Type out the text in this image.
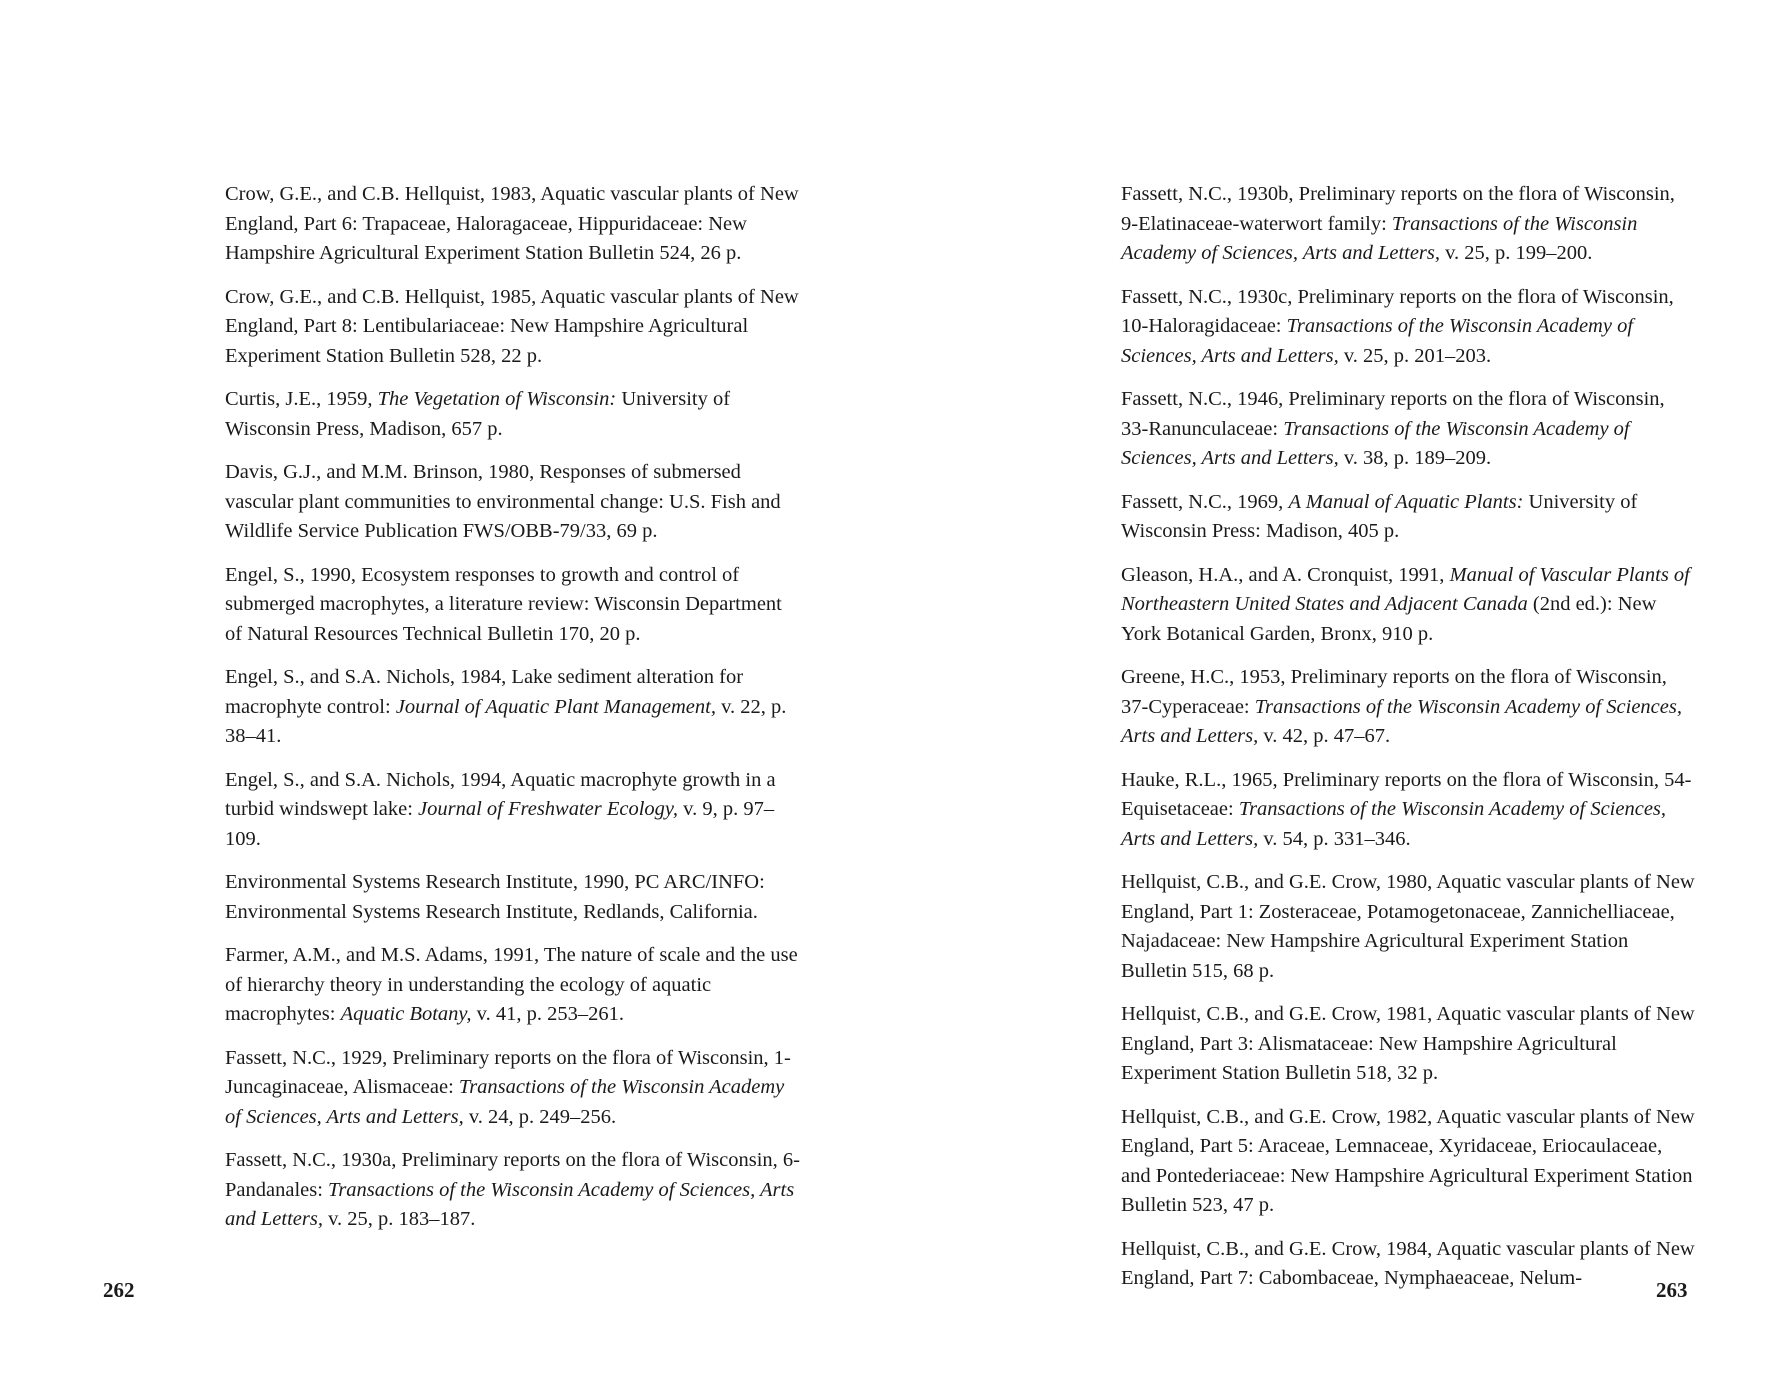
Crow, G.E., and C.B. Hellquist, 1983, Aquatic vascular plants of New England, Part 6: Trapaceae, Haloragaceae, Hippuridaceae: New Hampshire Agricultural Experiment Station Bulletin 524, 26 p.

Crow, G.E., and C.B. Hellquist, 1985, Aquatic vascular plants of New England, Part 8: Lentibulariaceae: New Hampshire Agricultural Experiment Station Bulletin 528, 22 p.

Curtis, J.E., 1959, The Vegetation of Wisconsin: University of Wisconsin Press, Madison, 657 p.

Davis, G.J., and M.M. Brinson, 1980, Responses of submersed vascular plant communities to environmental change: U.S. Fish and Wildlife Service Publication FWS/OBB-79/33, 69 p.

Engel, S., 1990, Ecosystem responses to growth and control of submerged macrophytes, a literature review: Wisconsin Department of Natural Resources Technical Bulletin 170, 20 p.

Engel, S., and S.A. Nichols, 1984, Lake sediment alteration for macrophyte control: Journal of Aquatic Plant Management, v. 22, p. 38–41.

Engel, S., and S.A. Nichols, 1994, Aquatic macrophyte growth in a turbid windswept lake: Journal of Freshwater Ecology, v. 9, p. 97–109.

Environmental Systems Research Institute, 1990, PC ARC/INFO: Environmental Systems Research Institute, Redlands, California.

Farmer, A.M., and M.S. Adams, 1991, The nature of scale and the use of hierarchy theory in understanding the ecology of aquatic macrophytes: Aquatic Botany, v. 41, p. 253–261.

Fassett, N.C., 1929, Preliminary reports on the flora of Wisconsin, 1-Juncaginaceae, Alismaceae: Transactions of the Wisconsin Academy of Sciences, Arts and Letters, v. 24, p. 249–256.

Fassett, N.C., 1930a, Preliminary reports on the flora of Wisconsin, 6-Pandanales: Transactions of the Wisconsin Academy of Sciences, Arts and Letters, v. 25, p. 183–187.

262

Fassett, N.C., 1930b, Preliminary reports on the flora of Wisconsin, 9-Elatinaceae-waterwort family: Transactions of the Wisconsin Academy of Sciences, Arts and Letters, v. 25, p. 199–200.

Fassett, N.C., 1930c, Preliminary reports on the flora of Wisconsin, 10-Haloragidaceae: Transactions of the Wisconsin Academy of Sciences, Arts and Letters, v. 25, p. 201–203.

Fassett, N.C., 1946, Preliminary reports on the flora of Wisconsin, 33-Ranunculaceae: Transactions of the Wisconsin Academy of Sciences, Arts and Letters, v. 38, p. 189–209.

Fassett, N.C., 1969, A Manual of Aquatic Plants: University of Wisconsin Press: Madison, 405 p.

Gleason, H.A., and A. Cronquist, 1991, Manual of Vascular Plants of Northeastern United States and Adjacent Canada (2nd ed.): New York Botanical Garden, Bronx, 910 p.

Greene, H.C., 1953, Preliminary reports on the flora of Wisconsin, 37-Cyperaceae: Transactions of the Wisconsin Academy of Sciences, Arts and Letters, v. 42, p. 47–67.

Hauke, R.L., 1965, Preliminary reports on the flora of Wisconsin, 54-Equisetaceae: Transactions of the Wisconsin Academy of Sciences, Arts and Letters, v. 54, p. 331–346.

Hellquist, C.B., and G.E. Crow, 1980, Aquatic vascular plants of New England, Part 1: Zosteraceae, Potamogetonaceae, Zannichelliaceae, Najadaceae: New Hampshire Agricultural Experiment Station Bulletin 515, 68 p.

Hellquist, C.B., and G.E. Crow, 1981, Aquatic vascular plants of New England, Part 3: Alismataceae: New Hampshire Agricultural Experiment Station Bulletin 518, 32 p.

Hellquist, C.B., and G.E. Crow, 1982, Aquatic vascular plants of New England, Part 5: Araceae, Lemnaceae, Xyridaceae, Eriocaulaceae, and Pontederiaceae: New Hampshire Agricultural Experiment Station Bulletin 523, 47 p.

Hellquist, C.B., and G.E. Crow, 1984, Aquatic vascular plants of New England, Part 7: Cabombaceae, Nymphaeaceae, Nelum-	263
